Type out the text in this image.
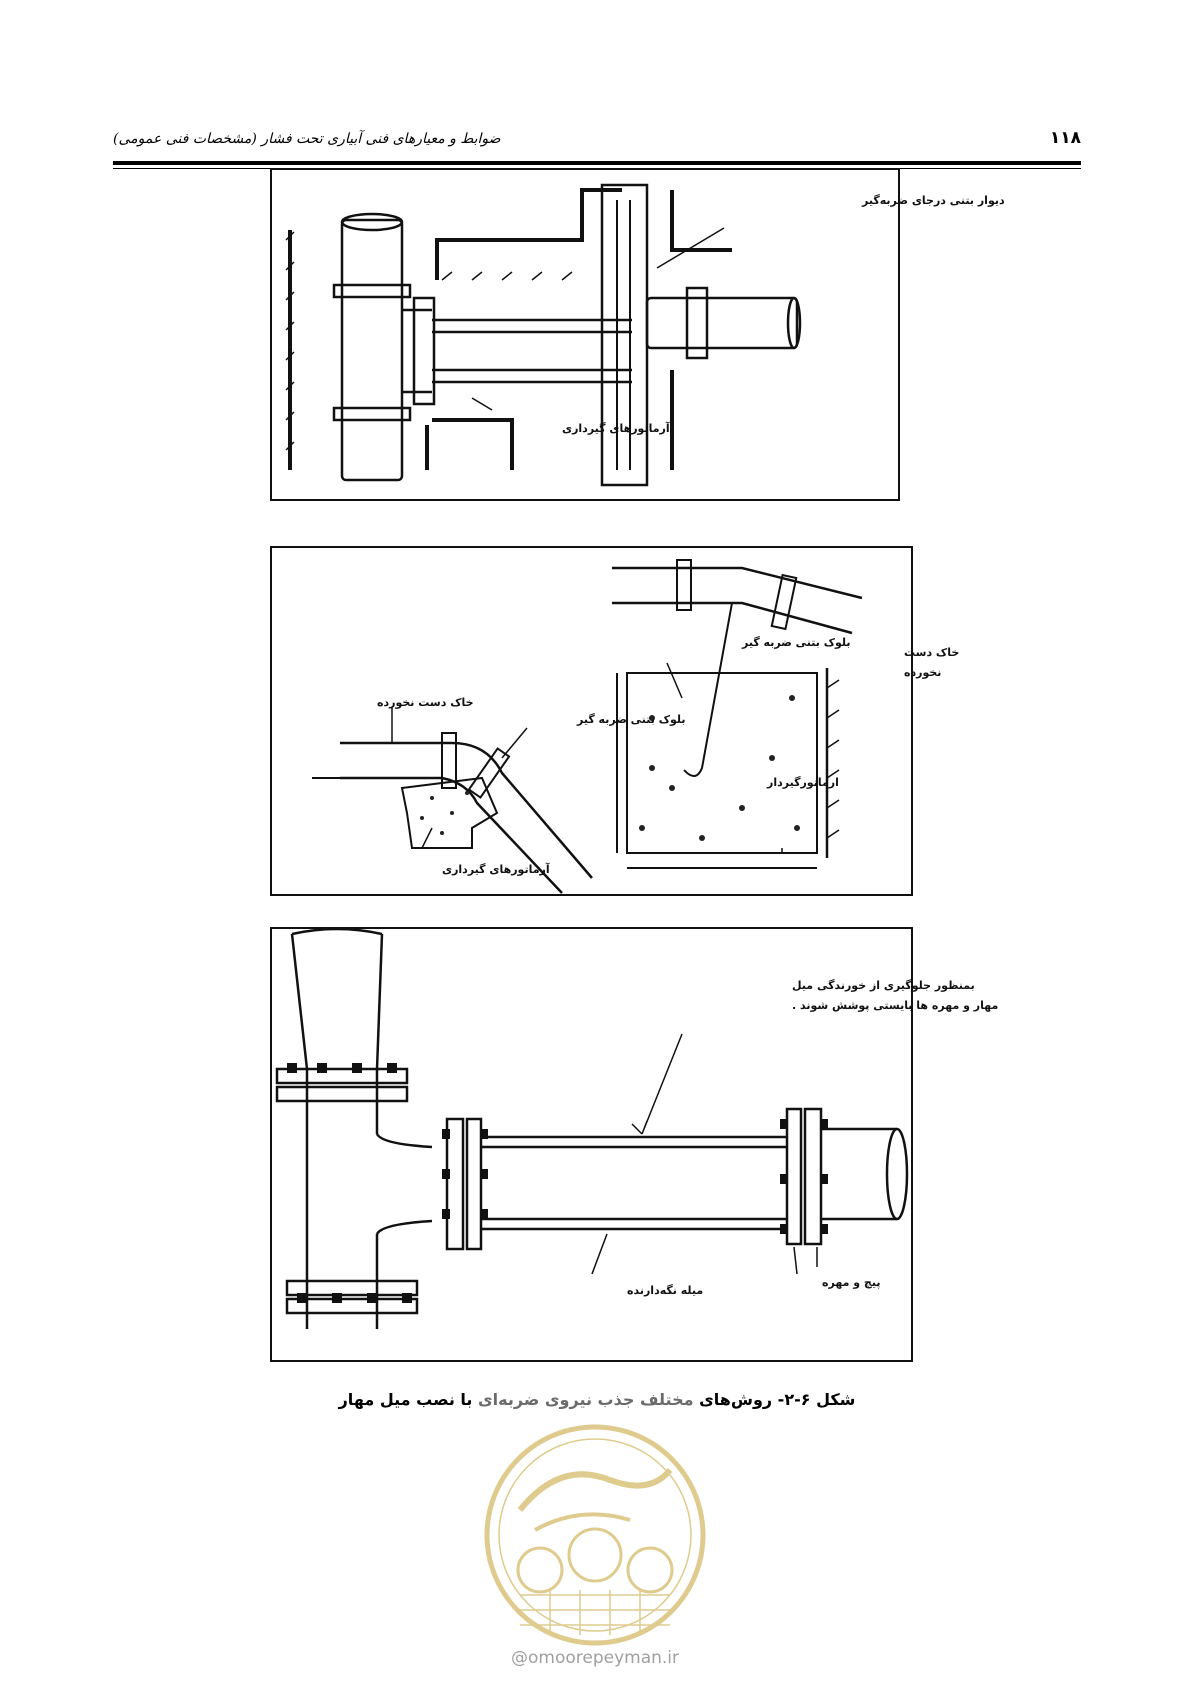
۱۱۸
ضوابط و معیارهای فنی آبیاری تحت فشار (مشخصات فنی عمومی)
دیوار بتنی درجای ضربه‌گیر
آرماتورهای گیرداری
بلوک بتنی ضربه گیر
خاک دست
نخورده
ارماتورگیردار
خاک دست نخورده
بلوک بتنی ضربه گیر
آرماتورهای گیرداری
بمنظور جلوگیری از خورندگی میل
مهار و مهره ها بایستی پوشش شوند .
پیچ و مهره
میله نگه‌دارنده
شکل ۶-۲- روش‌های مختلف جذب نیروی ضربه‌ای با نصب میل مهار
@omoorepeyman.ir
